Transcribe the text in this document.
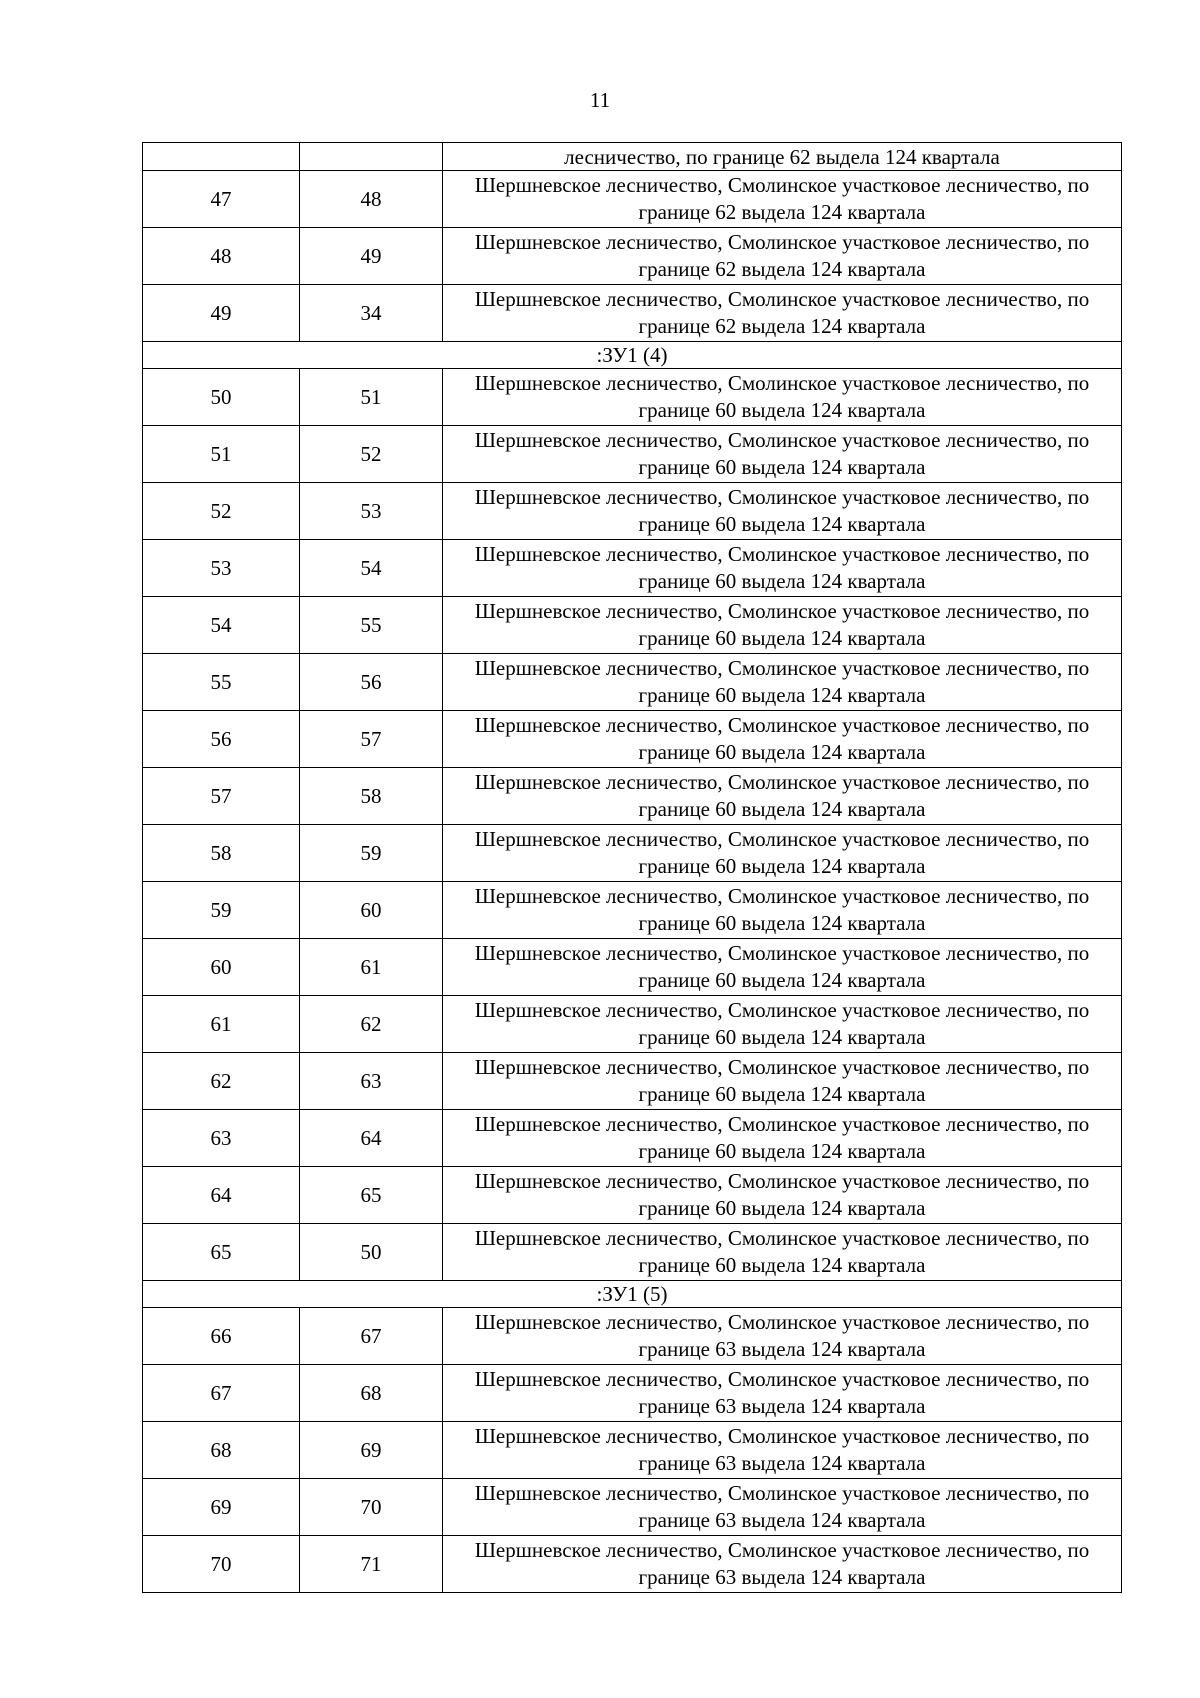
11
		лесничество, по границе 62 выдела 124 квартала
47	48	Шершневское лесничество, Смолинское участковое лесничество, по границе 62 выдела 124 квартала
48	49	Шершневское лесничество, Смолинское участковое лесничество, по границе 62 выдела 124 квартала
49	34	Шершневское лесничество, Смолинское участковое лесничество, по границе 62 выдела 124 квартала
:ЗУ1 (4)		
50	51	Шершневское лесничество, Смолинское участковое лесничество, по границе 60 выдела 124 квартала
51	52	Шершневское лесничество, Смолинское участковое лесничество, по границе 60 выдела 124 квартала
52	53	Шершневское лесничество, Смолинское участковое лесничество, по границе 60 выдела 124 квартала
53	54	Шершневское лесничество, Смолинское участковое лесничество, по границе 60 выдела 124 квартала
54	55	Шершневское лесничество, Смолинское участковое лесничество, по границе 60 выдела 124 квартала
55	56	Шершневское лесничество, Смолинское участковое лесничество, по границе 60 выдела 124 квартала
56	57	Шершневское лесничество, Смолинское участковое лесничество, по границе 60 выдела 124 квартала
57	58	Шершневское лесничество, Смолинское участковое лесничество, по границе 60 выдела 124 квартала
58	59	Шершневское лесничество, Смолинское участковое лесничество, по границе 60 выдела 124 квартала
59	60	Шершневское лесничество, Смолинское участковое лесничество, по границе 60 выдела 124 квартала
60	61	Шершневское лесничество, Смолинское участковое лесничество, по границе 60 выдела 124 квартала
61	62	Шершневское лесничество, Смолинское участковое лесничество, по границе 60 выдела 124 квартала
62	63	Шершневское лесничество, Смолинское участковое лесничество, по границе 60 выдела 124 квартала
63	64	Шершневское лесничество, Смолинское участковое лесничество, по границе 60 выдела 124 квартала
64	65	Шершневское лесничество, Смолинское участковое лесничество, по границе 60 выдела 124 квартала
65	50	Шершневское лесничество, Смолинское участковое лесничество, по границе 60 выдела 124 квартала
:ЗУ1 (5)		
66	67	Шершневское лесничество, Смолинское участковое лесничество, по границе 63 выдела 124 квартала
67	68	Шершневское лесничество, Смолинское участковое лесничество, по границе 63 выдела 124 квартала
68	69	Шершневское лесничество, Смолинское участковое лесничество, по границе 63 выдела 124 квартала
69	70	Шершневское лесничество, Смолинское участковое лесничество, по границе 63 выдела 124 квартала
70	71	Шершневское лесничество, Смолинское участковое лесничество, по границе 63 выдела 124 квартала
